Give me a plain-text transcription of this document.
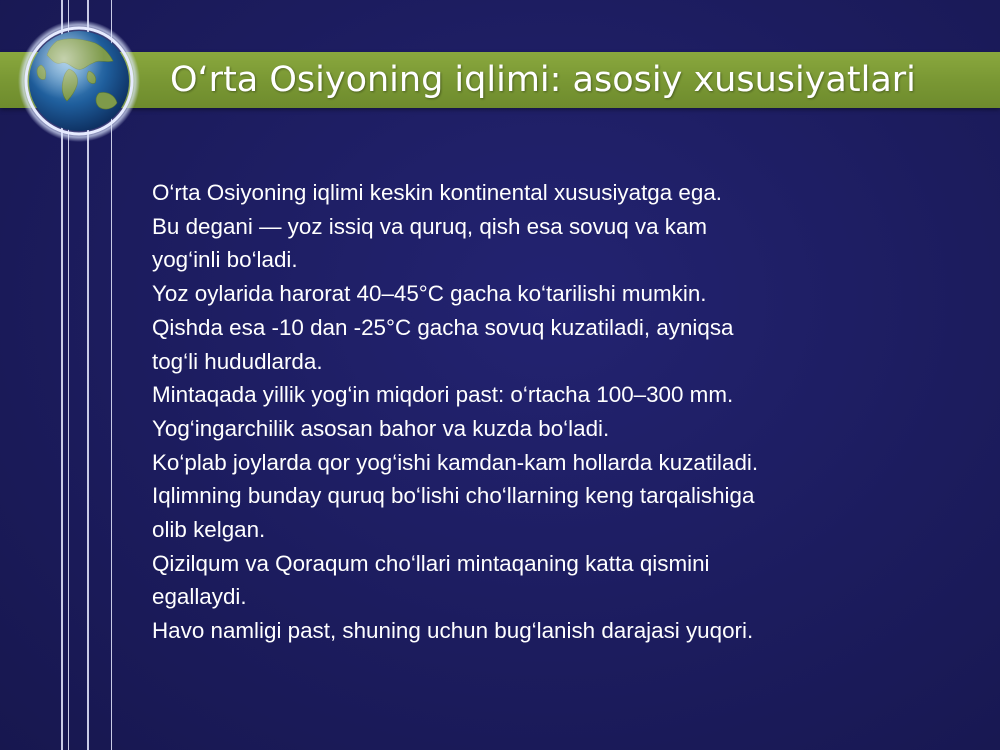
O‘rta Osiyoning iqlimi: asosiy xususiyatlari

O‘rta Osiyoning iqlimi keskin kontinental xususiyatga ega.

Bu degani — yoz issiq va quruq, qish esa sovuq va kam

yog‘inli bo‘ladi.

Yoz oylarida harorat 40–45°C gacha ko‘tarilishi mumkin.

Qishda esa -10 dan -25°C gacha sovuq kuzatiladi, ayniqsa

tog‘li hududlarda.

Mintaqada yillik yog‘in miqdori past: o‘rtacha 100–300 mm.

Yog‘ingarchilik asosan bahor va kuzda bo‘ladi.

Ko‘plab joylarda qor yog‘ishi kamdan-kam hollarda kuzatiladi.

Iqlimning bunday quruq bo‘lishi cho‘llarning keng tarqalishiga

olib kelgan.

Qizilqum va Qoraqum cho‘llari mintaqaning katta qismini

egallaydi.

Havo namligi past, shuning uchun bug‘lanish darajasi yuqori.
